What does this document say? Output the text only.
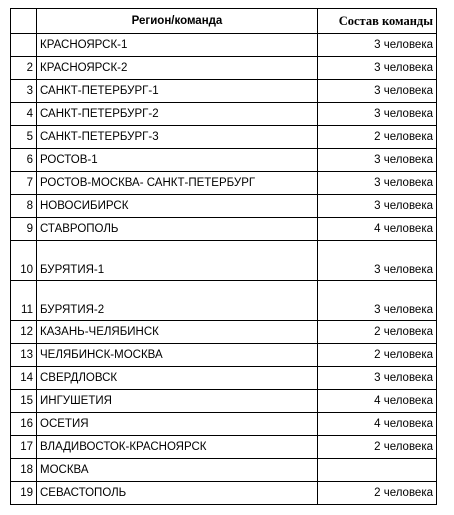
	Регион/команда	Состав команды
	КРАСНОЯРСК-1	3 человека
2	КРАСНОЯРСК-2	3 человека
3	САНКТ-ПЕТЕРБУРГ-1	3 человека
4	САНКТ-ПЕТЕРБУРГ-2	3 человека
5	САНКТ-ПЕТЕРБУРГ-3	2 человека
6	РОСТОВ-1	3 человека
7	РОСТОВ-МОСКВА- САНКТ-ПЕТЕРБУРГ	3 человека
8	НОВОСИБИРСК	3 человека
9	СТАВРОПОЛЬ	4 человека
10	БУРЯТИЯ-1	3 человека
11	БУРЯТИЯ-2	3 человека
12	КАЗАНЬ-ЧЕЛЯБИНСК	2 человека
13	ЧЕЛЯБИНСК-МОСКВА	2 человека
14	СВЕРДЛОВСК	3 человека
15	ИНГУШЕТИЯ	4 человека
16	ОСЕТИЯ	4 человека
17	ВЛАДИВОСТОК-КРАСНОЯРСК	2 человека
18	МОСКВА	
19	СЕВАСТОПОЛЬ	2 человека
